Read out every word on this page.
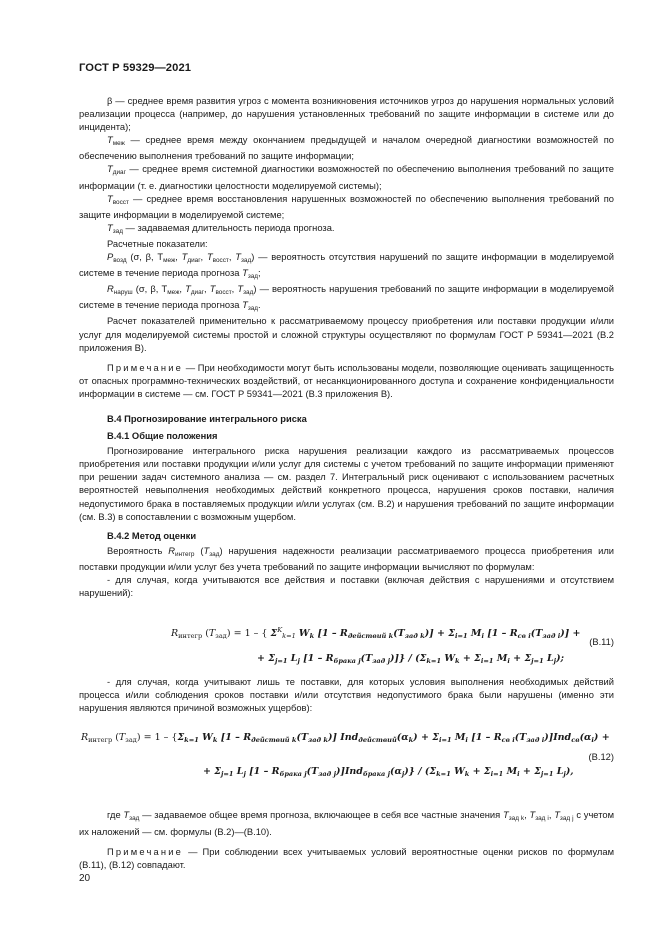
ГОСТ Р 59329—2021

β — среднее время развития угроз с момента возникновения источников угроз до нарушения нормальных условий реализации процесса (например, до нарушения установленных требований по защите информации в системе или до инцидента);

$T_{меж}$ — среднее время между окончанием предыдущей и началом очередной диагностики возможностей по обеспечению выполнения требований по защите информации;

$T_{диаг}$ — среднее время системной диагностики возможностей по обеспечению выполнения требований по защите информации (т. е. диагностики целостности моделируемой системы);

$T_{восст}$ — среднее время восстановления нарушенных возможностей по обеспечению выполнения требований по защите информации в моделируемой системе;

$T_{зад}$ — задаваемая длительность периода прогноза.

Расчетные показатели:

$P_{возд}$ (σ, β, $T_{меж}$, $T_{диаг}$, $T_{восст}$, $T_{зад}$) — вероятность отсутствия нарушений по защите информации в моделируемой системе в течение периода прогноза $T_{зад}$;

$R_{наруш}$ (σ, β, $T_{меж}$, $T_{диаг}$, $T_{восст}$, $T_{зад}$) — вероятность нарушения требований по защите информации в моделируемой системе в течение периода прогноза $T_{зад}$.

Расчет показателей применительно к рассматриваемому процессу приобретения или поставки продукции и/или услуг для моделируемой системы простой и сложной структуры осуществляют по формулам ГОСТ Р 59341—2021 (В.2 приложения В).

Примечание — При необходимости могут быть использованы модели, позволяющие оценивать защищенность от опасных программно-технических воздействий, от несанкционированного доступа и сохранение конфиденциальности информации в системе — см. ГОСТ Р 59341—2021 (В.3 приложения В).

В.4 Прогнозирование интегрального риска

В.4.1 Общие положения

Прогнозирование интегрального риска нарушения реализации каждого из рассматриваемых процессов приобретения или поставки продукции и/или услуг для системы с учетом требований по защите информации применяют при решении задач системного анализа — см. раздел 7. Интегральный риск оценивают с использованием расчетных вероятностей невыполнения необходимых действий конкретного процесса, нарушения сроков поставки, наличия недопустимого брака в поставляемых продукции и/или услугах (см. В.2) и нарушения требований по защите информации (см. В.3) в сопоставлении с возможным ущербом.

В.4.2 Метод оценки

Вероятность $R_{интегр}$ $(T_{зад})$ нарушения надежности реализации рассматриваемого процесса приобретения или поставки продукции и/или услуг без учета требований по защите информации вычисляют по формулам:

- для случая, когда учитываются все действия и поставки (включая действия с нарушениями и отсутствием нарушений):

$R_{интегр}$ $(T_{зад}) = 1$ – { $\Sigma^K_{k=1}$ $W_k$ $[1 - R_{действий k}(T_{зад k})] + \Sigma_{i=1}$ $M_i$ $[1 - R_{св i}(T_{зад i})]$ +
+ $\Sigma_{j=1}$ $L_j$ $[1 - R_{брака j}(T_{зад j})]\} / (\Sigma_{k=1}$ $W_k + \Sigma_{i=1}$ $M_i + \Sigma_{j=1}$ $L_j$);
(В.11)

- для случая, когда учитывают лишь те поставки, для которых условия выполнения необходимых действий процесса и/или соблюдения сроков поставки и/или отсутствия недопустимого брака были нарушены (именно эти нарушения являются причиной возможных ущербов):

$R_{интегр}$ $(T_{зад}) = 1 - \{\Sigma_{k=1}$ $W_k$ $[1 - R_{действий k}(T_{зад k})]$ $Ind_{действий}(\alpha_k) + \Sigma_{i=1}$ $M_i$ $[1 - R_{св i}(T_{зад i})]Ind_{св}(\alpha_i)$ +
+ $\Sigma_{j=1}$ $L_j$ $[1 - R_{брака j}(T_{зад j})]Ind_{брака j}(\alpha_j)\} / (\Sigma_{k=1}$ $W_k + \Sigma_{i=1}$ $M_i + \Sigma_{j=1}$ $L_j$),
(В.12)

где $T_{зад}$ — задаваемое общее время прогноза, включающее в себя все частные значения $T_{зад k}$, $T_{зад i}$, $T_{зад j}$ с учетом их наложений — см. формулы (В.2)—(В.10).

Примечание — При соблюдении всех учитываемых условий вероятностные оценки рисков по формулам (В.11), (В.12) совпадают.

20
